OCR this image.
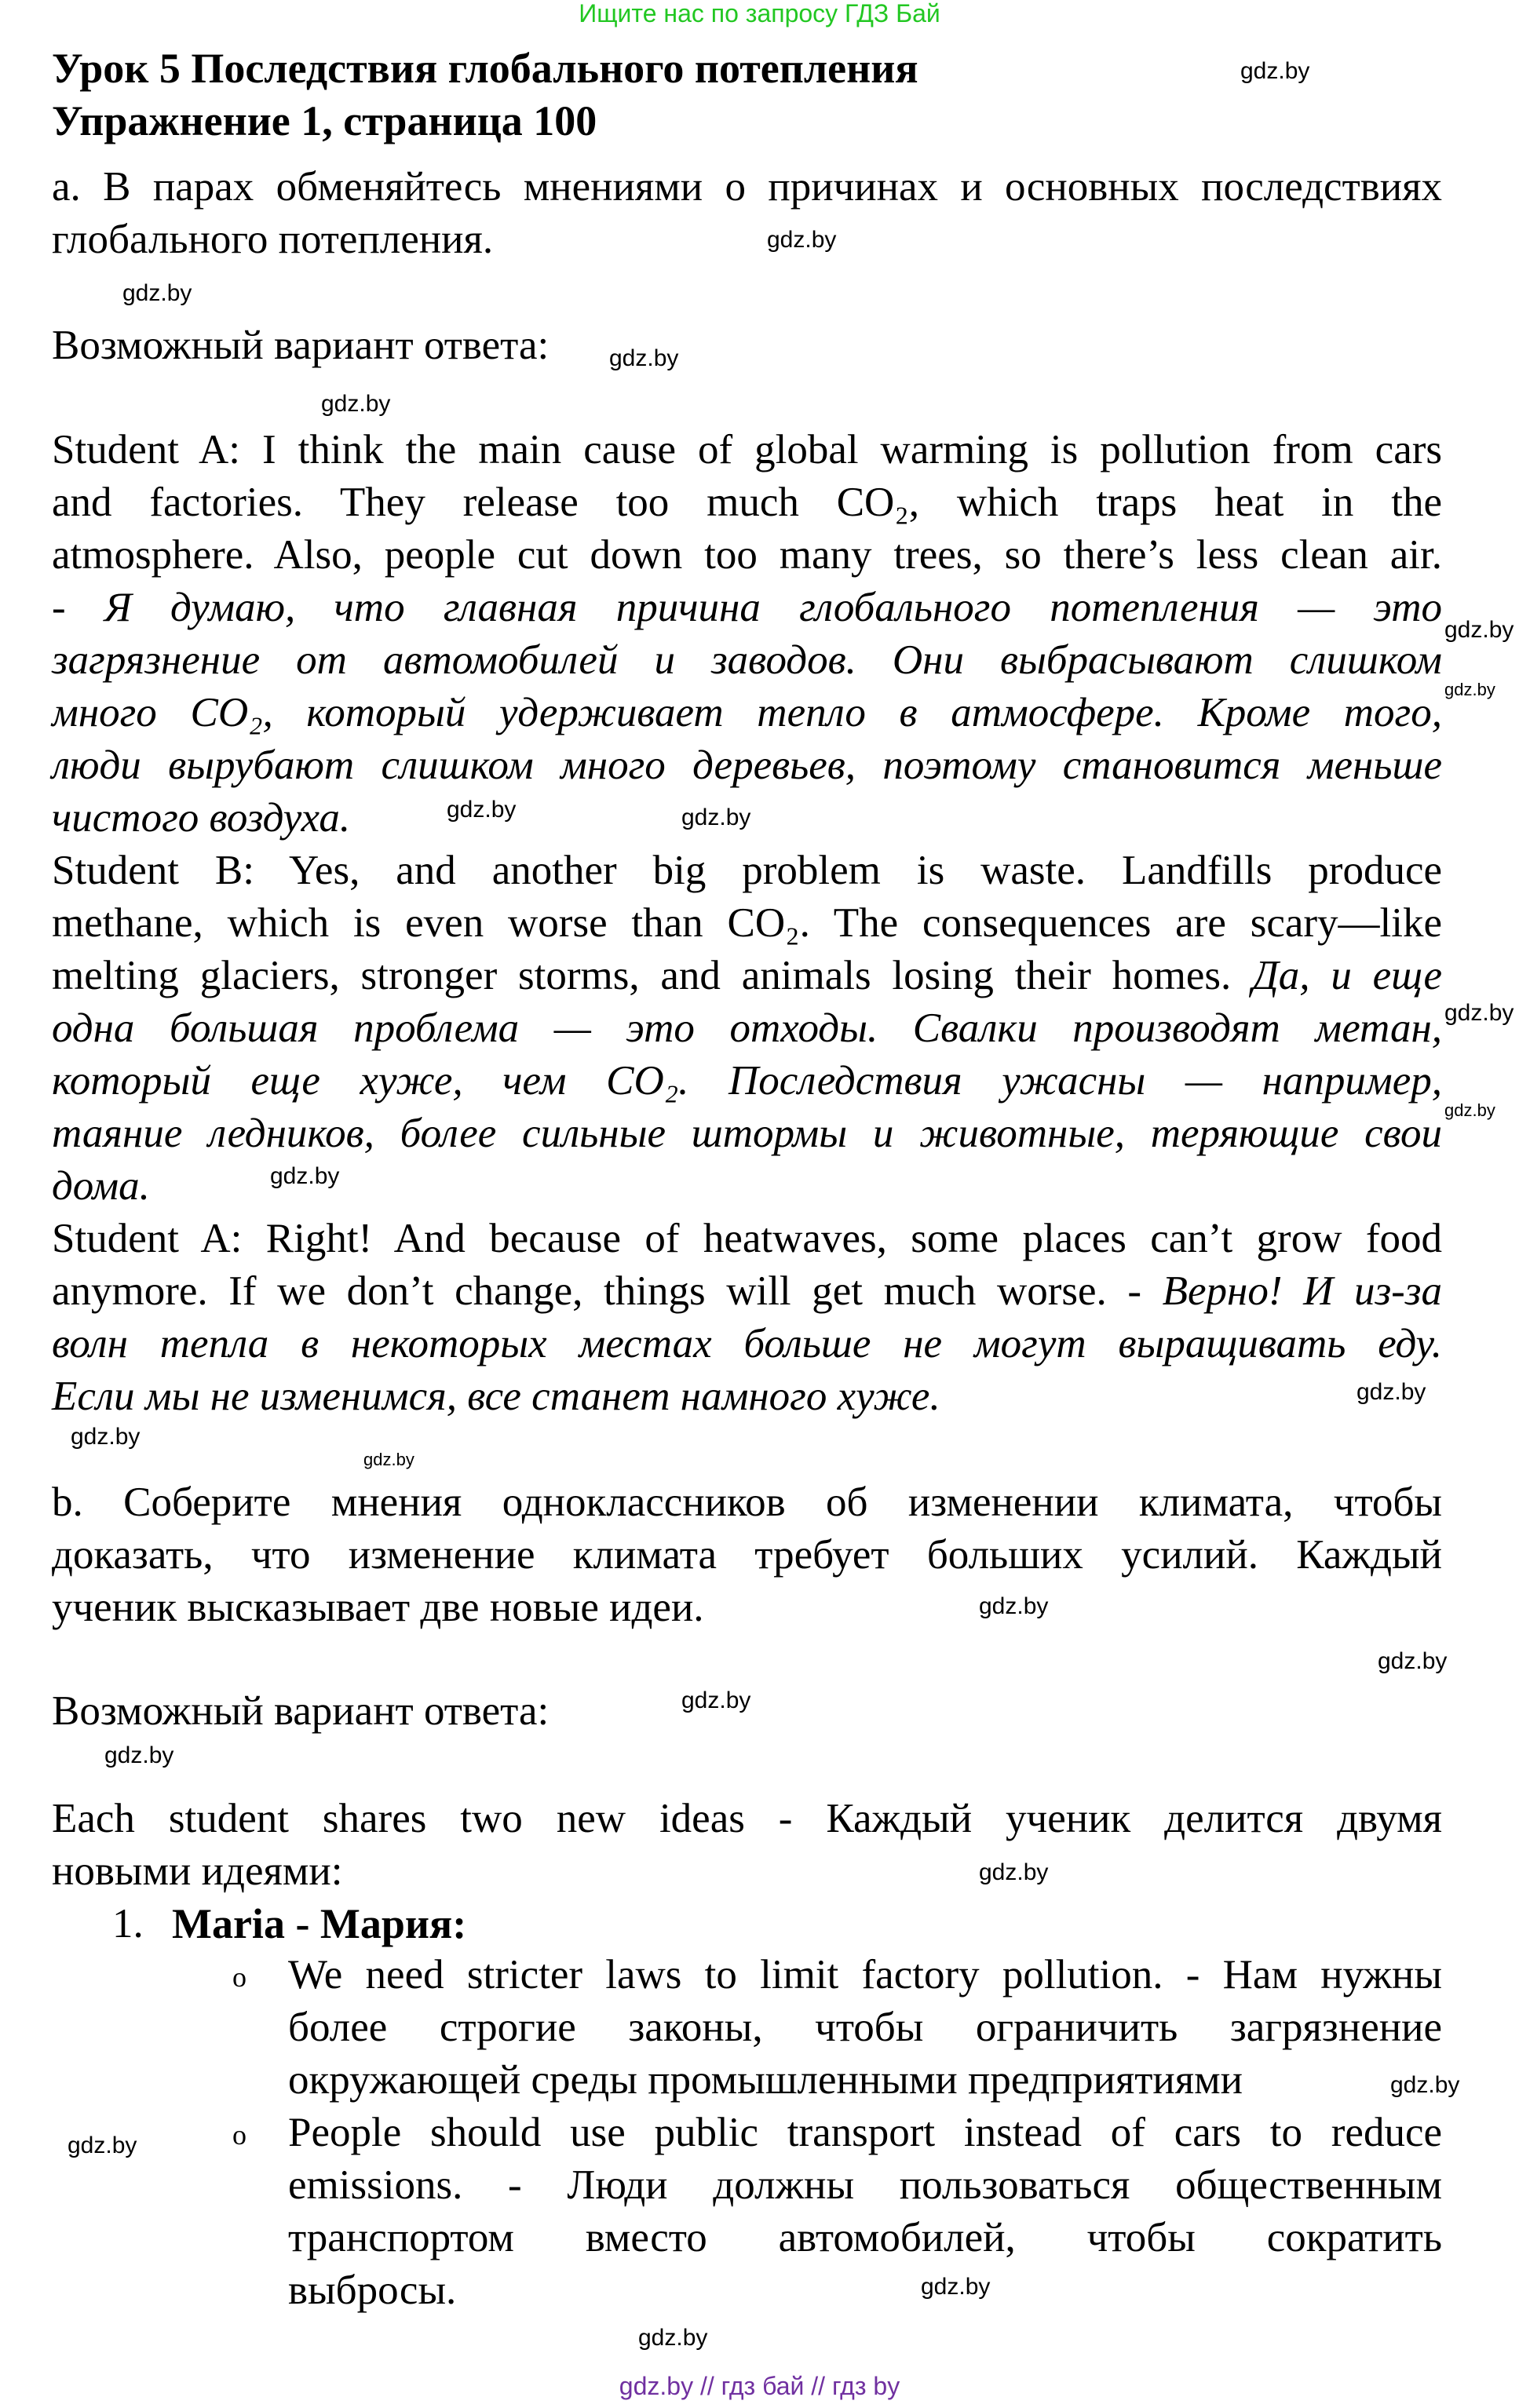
Ищите нас по запросу ГДЗ Бай
Урок 5 Последствия глобального потепления
Упражнение 1, страница 100
а. В парах обменяйтесь мнениями о причинах и основных последствиях
глобального потепления.
Возможный вариант ответа:
Student A: I think the main cause of global warming is pollution from cars
and factories. They release too much CO₂, which traps heat in the
atmosphere. Also, people cut down too many trees, so there’s less clean air.
- Я думаю, что главная причина глобального потепления — это
загрязнение от автомобилей и заводов. Они выбрасывают слишком
много CO₂, который удерживает тепло в атмосфере. Кроме того,
люди вырубают слишком много деревьев, поэтому становится меньше
чистого воздуха.
Student B: Yes, and another big problem is waste. Landfills produce
methane, which is even worse than CO₂. The consequences are scary—like
melting glaciers, stronger storms, and animals losing their homes. Да, и еще
одна большая проблема — это отходы. Свалки производят метан,
который еще хуже, чем CO₂. Последствия ужасны — например,
таяние ледников, более сильные штормы и животные, теряющие свои
дома.
Student A: Right! And because of heatwaves, some places can’t grow food
anymore. If we don’t change, things will get much worse. - Верно! И из-за
волн тепла в некоторых местах больше не могут выращивать еду.
Если мы не изменимся, все станет намного хуже.
b. Соберите мнения одноклассников об изменении климата, чтобы
доказать, что изменение климата требует больших усилий. Каждый
ученик высказывает две новые идеи.
Возможный вариант ответа:
Each student shares two new ideas - Каждый ученик делится двумя
новыми идеями:
1. Maria - Мария:
o We need stricter laws to limit factory pollution. - Нам нужны
более строгие законы, чтобы ограничить загрязнение
окружающей среды промышленными предприятиями
o People should use public transport instead of cars to reduce
emissions. - Люди должны пользоваться общественным
транспортом вместо автомобилей, чтобы сократить
выбросы.
gdz.by
gdz.by
gdz.by
gdz.by
gdz.by
gdz.by
gdz.by
gdz.by	gdz.by
gdz.by
gdz.by
gdz.by
gdz.by
gdz.by
gdz.by
gdz.by
gdz.by
gdz.by
gdz.by
gdz.by
gdz.by
gdz.by
gdz.by
gdz.by
gdz.by // гдз бай // гдз by
